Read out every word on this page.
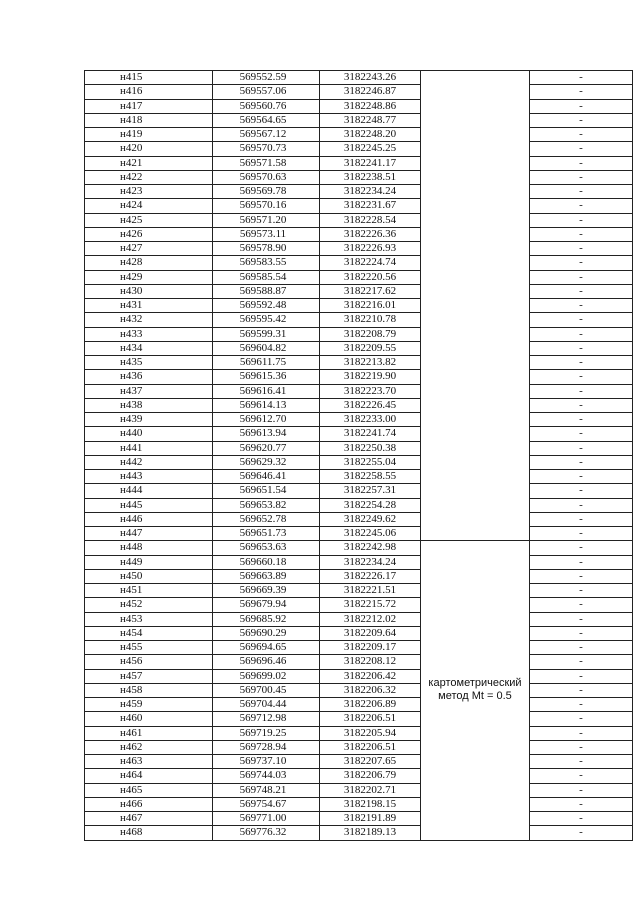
н415	569552.59	3182243.26		-
н416	569557.06	3182246.87		-
н417	569560.76	3182248.86		-
н418	569564.65	3182248.77		-
н419	569567.12	3182248.20		-
н420	569570.73	3182245.25		-
н421	569571.58	3182241.17		-
н422	569570.63	3182238.51		-
н423	569569.78	3182234.24		-
н424	569570.16	3182231.67		-
н425	569571.20	3182228.54		-
н426	569573.11	3182226.36		-
н427	569578.90	3182226.93		-
н428	569583.55	3182224.74		-
н429	569585.54	3182220.56		-
н430	569588.87	3182217.62		-
н431	569592.48	3182216.01		-
н432	569595.42	3182210.78		-
н433	569599.31	3182208.79		-
н434	569604.82	3182209.55		-
н435	569611.75	3182213.82		-
н436	569615.36	3182219.90		-
н437	569616.41	3182223.70		-
н438	569614.13	3182226.45		-
н439	569612.70	3182233.00		-
н440	569613.94	3182241.74		-
н441	569620.77	3182250.38		-
н442	569629.32	3182255.04		-
н443	569646.41	3182258.55		-
н444	569651.54	3182257.31		-
н445	569653.82	3182254.28		-
н446	569652.78	3182249.62		-
н447	569651.73	3182245.06		-
н448	569653.63	3182242.98	картометрический
метод Mt = 0.5	-
н449	569660.18	3182234.24		-
н450	569663.89	3182226.17		-
н451	569669.39	3182221.51		-
н452	569679.94	3182215.72		-
н453	569685.92	3182212.02		-
н454	569690.29	3182209.64		-
н455	569694.65	3182209.17		-
н456	569696.46	3182208.12		-
н457	569699.02	3182206.42		-
н458	569700.45	3182206.32		-
н459	569704.44	3182206.89		-
н460	569712.98	3182206.51		-
н461	569719.25	3182205.94		-
н462	569728.94	3182206.51		-
н463	569737.10	3182207.65		-
н464	569744.03	3182206.79		-
н465	569748.21	3182202.71		-
н466	569754.67	3182198.15		-
н467	569771.00	3182191.89		-
н468	569776.32	3182189.13		-
